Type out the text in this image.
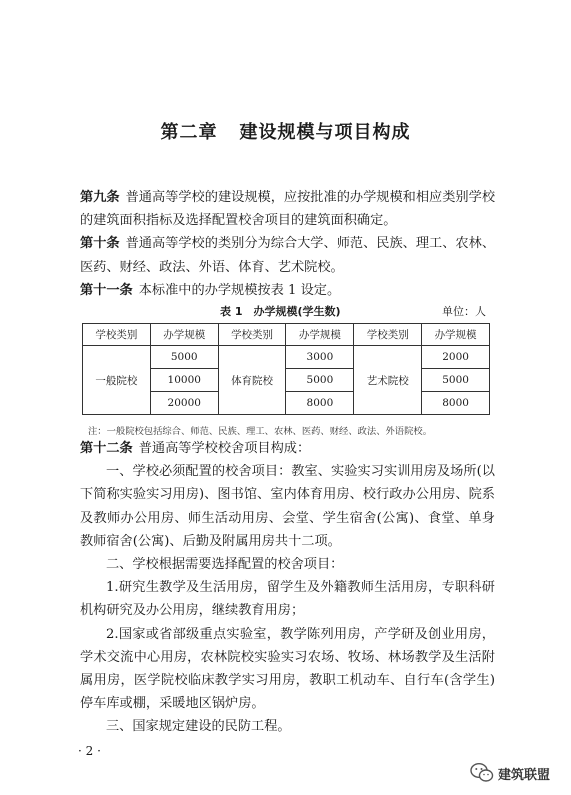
第二章 建设规模与项目构成

第九条 普通高等学校的建设规模，应按批准的办学规模和相应类别学校的建筑面积指标及选择配置校舍项目的建筑面积确定。

第十条 普通高等学校的类别分为综合大学、师范、民族、理工、农林、医药、财经、政法、外语、体育、艺术院校。

第十一条 本标准中的办学规模按表 1 设定。

表 1　办学规模(学生数)	单位：人
学校类别	办学规模	学校类别	办学规模	学校类别	办学规模
一般院校	5000	体育院校	3000	艺术院校	2000
	10000		5000		5000
	20000		8000		8000
注：一般院校包括综合、师范、民族、理工、农林、医药、财经、政法、外语院校。

第十二条 普通高等学校校舍项目构成：

一、学校必须配置的校舍项目：教室、实验实习实训用房及场所(以下简称实验实习用房)、图书馆、室内体育用房、校行政办公用房、院系及教师办公用房、师生活动用房、会堂、学生宿舍(公寓)、食堂、单身教师宿舍(公寓)、后勤及附属用房共十二项。

二、学校根据需要选择配置的校舍项目：

1.研究生教学及生活用房，留学生及外籍教师生活用房，专职科研机构研究及办公用房，继续教育用房；

2.国家或省部级重点实验室，教学陈列用房，产学研及创业用房，学术交流中心用房，农林院校实验实习农场、牧场、林场教学及生活附属用房，医学院校临床教学实习用房，教职工机动车、自行车(含学生)停车库或棚，采暖地区锅炉房。

三、国家规定建设的民防工程。

· 2 ·
建筑联盟
